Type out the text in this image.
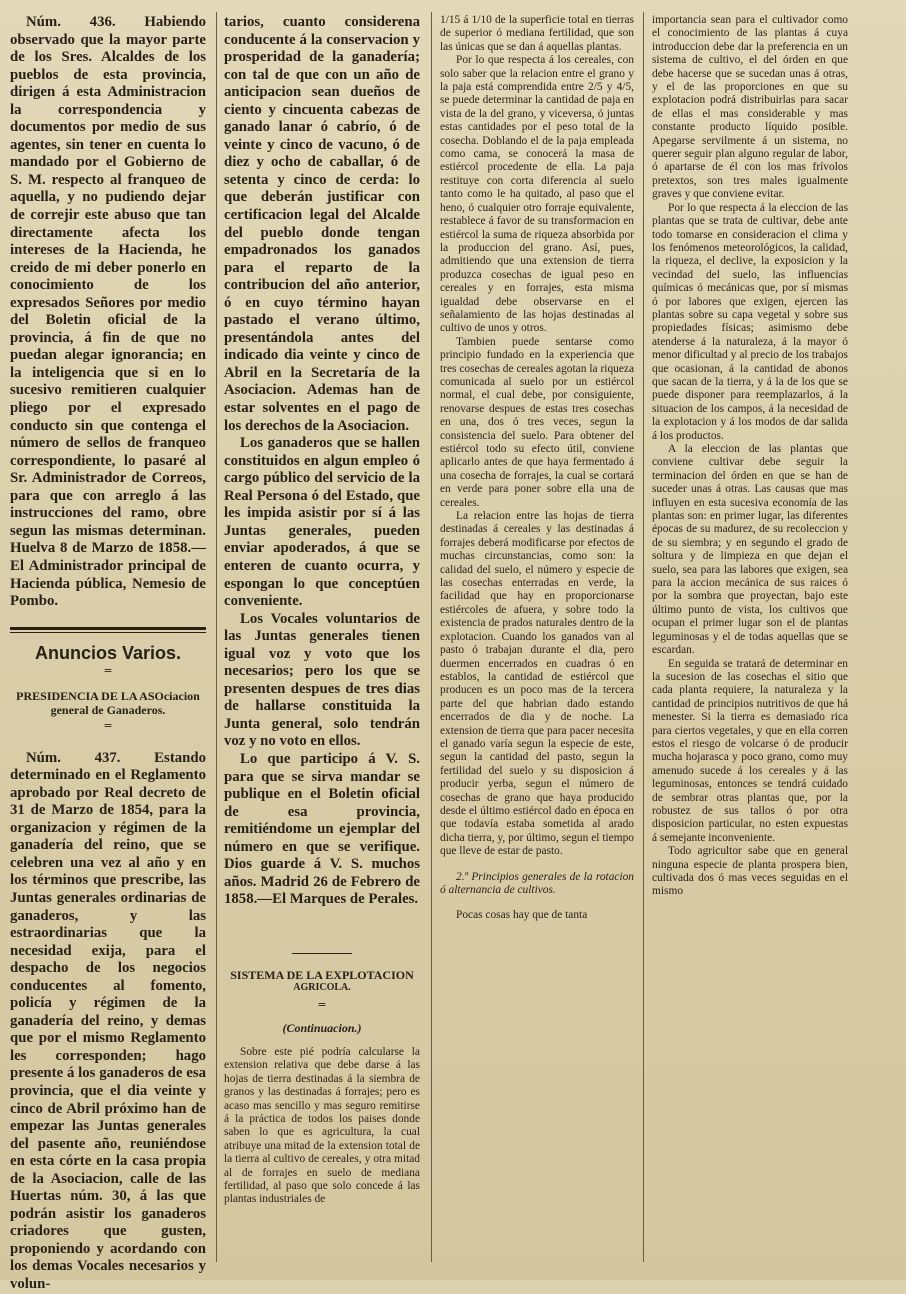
Núm. 436. Habiendo observado que la mayor parte de los Sres. Alcaldes de los pueblos de esta provincia, dirigen á esta Administracion la correspondencia y documentos por medio de sus agentes, sin tener en cuenta lo mandado por el Gobierno de S. M. respecto al franqueo de aquella, y no pudiendo dejar de correjir este abuso que tan directamente afecta los intereses de la Hacienda, he creido de mi deber ponerlo en conocimiento de los expresados Señores por medio del Boletin oficial de la provincia, á fin de que no puedan alegar ignorancia; en la inteligencia que si en lo sucesivo remitieren cualquier pliego por el expresado conducto sin que contenga el número de sellos de franqueo correspondiente, lo pasaré al Sr. Administrador de Correos, para que con arreglo á las instrucciones del ramo, obre segun las mismas determinan. Huelva 8 de Marzo de 1858.—El Administrador principal de Hacienda pública, Nemesio de Pombo.

Anuncios Varios.
=
PRESIDENCIA DE LA ASOciacion general de Ganaderos.
=

Núm. 437. Estando determinado en el Reglamento aprobado por Real decreto de 31 de Marzo de 1854, para la organizacion y régimen de la ganadería del reino, que se celebren una vez al año y en los términos que prescribe, las Juntas generales ordinarias de ganaderos, y las estraordinarias que la necesidad exija, para el despacho de los negocios conducentes al fomento, policía y régimen de la ganadería del reino, y demas que por el mismo Reglamento les corresponden; hago presente á los ganaderos de esa provincia, que el dia veinte y cinco de Abril próximo han de empezar las Juntas generales del pasente año, reuniéndose en esta córte en la casa propia de la Asociacion, calle de las Huertas núm. 30, á las que podrán asistir los ganaderos criadores que gusten, proponiendo y acordando con los demas Vocales necesarios y volun-

tarios, cuanto considerena conducente á la conservacion y prosperidad de la ganadería; con tal de que con un año de anticipacion sean dueños de ciento y cincuenta cabezas de ganado lanar ó cabrío, ó de veinte y cinco de vacuno, ó de diez y ocho de caballar, ó de setenta y cinco de cerda: lo que deberán justificar con certificacion legal del Alcalde del pueblo donde tengan empadronados los ganados para el reparto de la contribucion del año anterior, ó en cuyo término hayan pastado el verano último, presentándola antes del indicado dia veinte y cinco de Abril en la Secretaría de la Asociacion. Ademas han de estar solventes en el pago de los derechos de la Asociacion.

Los ganaderos que se hallen constituidos en algun empleo ó cargo público del servicio de la Real Persona ó del Estado, que les impida asistir por sí á las Juntas generales, pueden enviar apoderados, á que se enteren de cuanto ocurra, y espongan lo que conceptúen conveniente.

Los Vocales voluntarios de las Juntas generales tienen igual voz y voto que los necesarios; pero los que se presenten despues de tres dias de hallarse constituida la Junta general, solo tendrán voz y no voto en ellos.

Lo que participo á V. S. para que se sirva mandar se publique en el Boletin oficial de esa provincia, remitiéndome un ejemplar del número en que se verifique. Dios guarde á V. S. muchos años. Madrid 26 de Febrero de 1858.—El Marques de Perales.

SISTEMA DE LA EXPLOTACION
AGRICOLA.
=
(Continuacion.)

Sobre este pié podría calcularse la extension relativa que debe darse á las hojas de tierra destinadas á la siembra de granos y las destinadas á forrajes; pero es acaso mas sencillo y mas seguro remitirse á la práctica de todos los paises donde saben lo que es agricultura, la cual atribuye una mitad de la extension total de la tierra al cultivo de cereales, y otra mitad al de forrajes en suelo de mediana fertilidad, al paso que solo concede á las plantas industriales de

1/15 á 1/10 de la superficie total en tierras de superior ó mediana fertilidad, que son las únicas que se dan á aquellas plantas.

Por lo que respecta á los cereales, con solo saber que la relacion entre el grano y la paja está comprendida entre 2/5 y 4/5, se puede determinar la cantidad de paja en vista de la del grano, y viceversa, ó juntas estas cantidades por el peso total de la cosecha. Doblando el de la paja empleada como cama, se conocerá la masa de estiércol procedente de ella. La paja restituye con corta diferencia al suelo tanto como le ha quitado, al paso que el heno, ó cualquier otro forraje equivalente, restablece á favor de su transformacion en estiércol la suma de riqueza absorbida por la produccion del grano. Así, pues, admitiendo que una extension de tierra produzca cosechas de igual peso en cereales y en forrajes, esta misma igualdad debe observarse en el señalamiento de las hojas destinadas al cultivo de unos y otros.

Tambien puede sentarse como principio fundado en la experiencia que tres cosechas de cereales agotan la riqueza comunicada al suelo por un estiércol normal, el cual debe, por consiguiente, renovarse despues de estas tres cosechas en una, dos ó tres veces, segun la consistencia del suelo. Para obtener del estiércol todo su efecto útil, conviene aplicarlo antes de que haya fermentado á una cosecha de forrajes, la cual se cortará en verde para poner sobre ella una de cereales.

La relacion entre las hojas de tierra destinadas á cereales y las destinadas á forrajes deberá modificarse por efectos de muchas circunstancias, como son: la calidad del suelo, el número y especie de las cosechas enterradas en verde, la facilidad que hay en proporcionarse estiércoles de afuera, y sobre todo la existencia de prados naturales dentro de la explotacion. Cuando los ganados van al pasto ó trabajan durante el dia, pero duermen encerrados en cuadras ó en establos, la cantidad de estiércol que producen es un poco mas de la tercera parte del que habrian dado estando encerrados de dia y de noche. La extension de tierra que para pacer necesita el ganado varía segun la especie de este, segun la cantidad del pasto, segun la fertilidad del suelo y su disposicion á producir yerba, segun el número de cosechas de grano que haya producido desde el último estiércol dado en época en que todavía estaba sometida al arado dicha tierra, y, por último, segun el tiempo que lleve de estar de pasto.

2.º Principios generales de la rotacion ó alternancia de cultivos.

Pocas cosas hay que de tanta

importancia sean para el cultivador como el conocimiento de las plantas á cuya introduccion debe dar la preferencia en un sistema de cultivo, el del órden en que debe hacerse que se sucedan unas á otras, y el de las proporciones en que su explotacion podrá distribuirlas para sacar de ellas el mas considerable y mas constante producto líquido posible. Apegarse servilmente á un sistema, no querer seguir plan alguno regular de labor, ó apartarse de él con los mas frívolos pretextos, son tres males igualmente graves y que conviene evitar.

Por lo que respecta á la eleccion de las plantas que se trata de cultivar, debe ante todo tomarse en consideracion el clima y los fenómenos meteorológicos, la calidad, la riqueza, el declive, la exposicion y la vecindad del suelo, las influencias químicas ó mecánicas que, por sí mismas ó por labores que exigen, ejercen las plantas sobre su capa vegetal y sobre sus propiedades físicas; asimismo debe atenderse á la naturaleza, á la mayor ó menor dificultad y al precio de los trabajos que ocasionan, á la cantidad de abonos que sacan de la tierra, y á la de los que se puede disponer para reemplazarlos, á la situacion de los campos, á la necesidad de la explotacion y á los modos de dar salida á los productos.

A la eleccion de las plantas que conviene cultivar debe seguir la terminacion del órden en que se han de suceder unas á otras. Las causas que mas influyen en esta sucesiva economía de las plantas son: en primer lugar, las diferentes épocas de su madurez, de su recoleccion y de su siembra; y en segundo el grado de soltura y de limpieza en que dejan el suelo, sea para las labores que exigen, sea para la accion mecánica de sus raices ó por la sombra que proyectan, bajo este último punto de vista, los cultivos que ocupan el primer lugar son el de plantas leguminosas y el de todas aquellas que se escardan.

En seguida se tratará de determinar en la sucesion de las cosechas el sitio que cada planta requiere, la naturaleza y la cantidad de principios nutritivos de que há menester. Si la tierra es demasiado rica para ciertos vegetales, y que en ella corren estos el riesgo de volcarse ó de producir mucha hojarasca y poco grano, como muy amenudo sucede á los cereales y á las leguminosas, entonces se tendrá cuidado de sembrar otras plantas que, por la robustez de sus tallos ó por otra disposicion particular, no esten expuestas á semejante inconveniente.

Todo agricultor sabe que en general ninguna especie de planta prospera bien, cultivada dos ó mas veces seguidas en el mismo
